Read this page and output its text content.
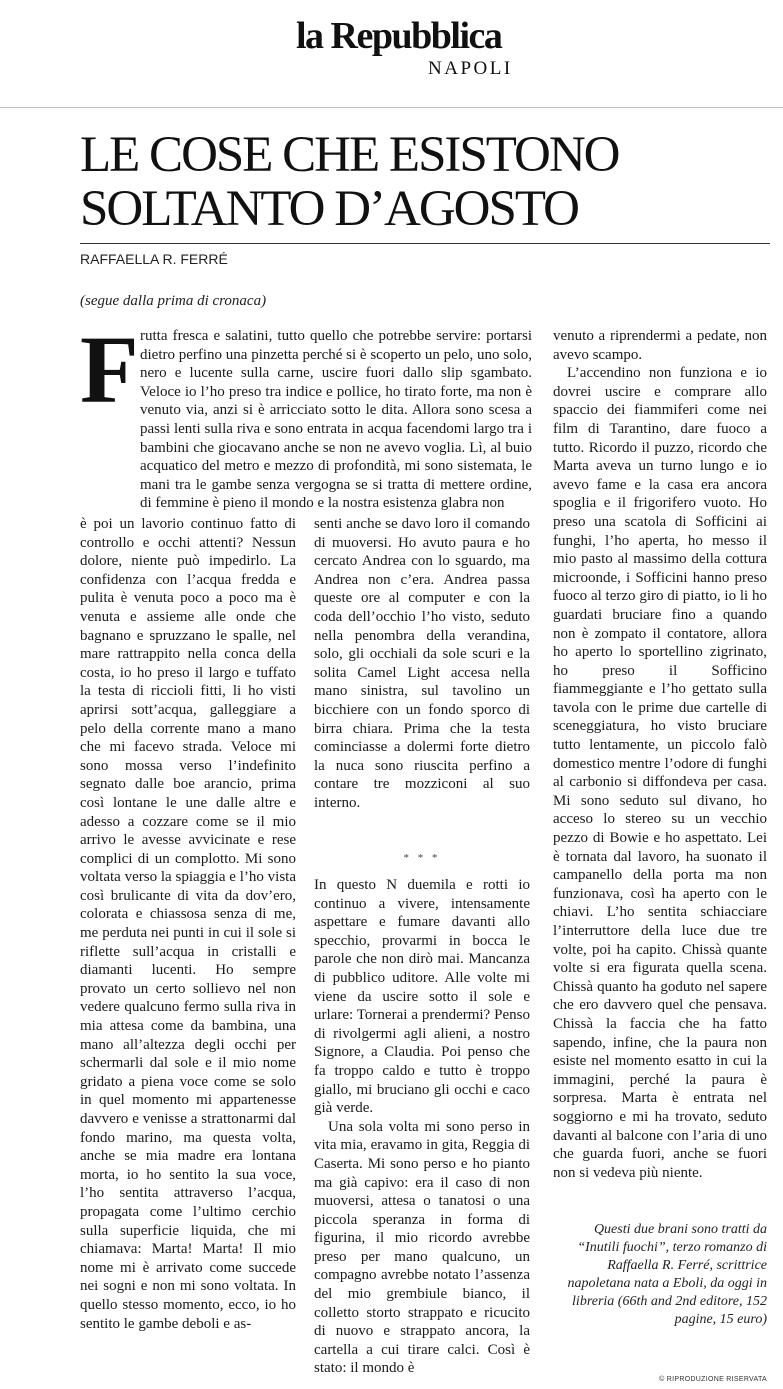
la Repubblica
NAPOLI
LE COSE CHE ESISTONO
SOLTANTO D’AGOSTO
RAFFAELLA R. FERRÉ
(segue dalla prima di cronaca)
F rutta fresca e salatini, tutto quello che potrebbe servire: portarsi dietro perfino una pinzetta perché si è scoperto un pelo, uno solo, nero e lucente sulla carne, uscire fuori dallo slip sgambato. Veloce io l’ho preso tra indice e pollice, ho tirato forte, ma non è venuto via, anzi si è arricciato sotto le dita. Allora sono scesa a passi lenti sulla riva e sono entrata in acqua facendomi largo tra i bambini che giocavano anche se non ne avevo voglia. Lì, al buio acquatico del metro e mezzo di profondità, mi sono sistemata, le mani tra le gambe senza vergogna se si tratta di mettere ordine, di femmine è pieno il mondo e la nostra esistenza glabra non

è poi un lavorio continuo fatto di controllo e occhi attenti? Nessun dolore, niente può impedirlo. La confidenza con l’acqua fredda e pulita è venuta poco a poco ma è venuta e assieme alle onde che bagnano e spruzzano le spalle, nel mare rattrappito nella conca della costa, io ho preso il largo e tuffato la testa di riccioli fitti, li ho visti aprirsi sott’acqua, galleggiare a pelo della corrente mano a mano che mi facevo strada. Veloce mi sono mossa verso l’indefinito segnato dalle boe arancio, prima così lontane le une dalle altre e adesso a cozzare come se il mio arrivo le avesse avvicinate e rese complici di un complotto. Mi sono voltata verso la spiaggia e l’ho vista così brulicante di vita da dov’ero, colorata e chiassosa senza di me, me perduta nei punti in cui il sole si riflette sull’acqua in cristalli e diamanti lucenti. Ho sempre provato un certo sollievo nel non vedere qualcuno fermo sulla riva in mia attesa come da bambina, una mano all’altezza degli occhi per schermarli dal sole e il mio nome gridato a piena voce come se solo in quel momento mi appartenesse davvero e venisse a strattonarmi dal fondo marino, ma questa volta, anche se mia madre era lontana morta, io ho sentito la sua voce, l’ho sentita attraverso l’acqua, propagata come l’ultimo cerchio sulla superficie liquida, che mi chiamava: Marta! Marta! Il mio nome mi è arrivato come succede nei sogni e non mi sono voltata. In quello stesso momento, ecco, io ho sentito le gambe deboli e as-

senti anche se davo loro il comando di muoversi. Ho avuto paura e ho cercato Andrea con lo sguardo, ma Andrea non c’era. Andrea passa queste ore al computer e con la coda dell’occhio l’ho visto, seduto nella penombra della verandina, solo, gli occhiali da sole scuri e la solita Camel Light accesa nella mano sinistra, sul tavolino un bicchiere con un fondo sporco di birra chiara. Prima che la testa cominciasse a dolermi forte dietro la nuca sono riuscita perfino a contare tre mozziconi al suo interno.

* * *

In questo N duemila e rotti io continuo a vivere, intensamente aspettare e fumare davanti allo specchio, provarmi in bocca le parole che non dirò mai. Mancanza di pubblico uditore. Alle volte mi viene da uscire sotto il sole e urlare: Tornerai a prendermi? Penso di rivolgermi agli alieni, a nostro Signore, a Claudia. Poi penso che fa troppo caldo e tutto è troppo giallo, mi bruciano gli occhi e caco già verde.

Una sola volta mi sono perso in vita mia, eravamo in gita, Reggia di Caserta. Mi sono perso e ho pianto ma già capivo: era il caso di non muoversi, attesa o tanatosi o una piccola speranza in forma di figurina, il mio ricordo avrebbe preso per mano qualcuno, un compagno avrebbe notato l’assenza del mio grembiule bianco, il colletto storto strappato e ricucito di nuovo e strappato ancora, la cartella a cui tirare calci. Così è stato: il mondo è

venuto a riprendermi a pedate, non avevo scampo.

L’accendino non funziona e io dovrei uscire e comprare allo spaccio dei fiammiferi come nei film di Tarantino, dare fuoco a tutto. Ricordo il puzzo, ricordo che Marta aveva un turno lungo e io avevo fame e la casa era ancora spoglia e il frigorifero vuoto. Ho preso una scatola di Sofficini ai funghi, l’ho aperta, ho messo il mio pasto al massimo della cottura microonde, i Sofficini hanno preso fuoco al terzo giro di piatto, io li ho guardati bruciare fino a quando non è zompato il contatore, allora ho aperto lo sportellino zigrinato, ho preso il Sofficino fiammeggiante e l’ho gettato sulla tavola con le prime due cartelle di sceneggiatura, ho visto bruciare tutto lentamente, un piccolo falò domestico mentre l’odore di funghi al carbonio si diffondeva per casa. Mi sono seduto sul divano, ho acceso lo stereo su un vecchio pezzo di Bowie e ho aspettato. Lei è tornata dal lavoro, ha suonato il campanello della porta ma non funzionava, così ha aperto con le chiavi. L’ho sentita schiacciare l’interruttore della luce due tre volte, poi ha capito. Chissà quante volte si era figurata quella scena. Chissà quanto ha goduto nel sapere che ero davvero quel che pensava. Chissà la faccia che ha fatto sapendo, infine, che la paura non esiste nel momento esatto in cui la immagini, perché la paura è sorpresa. Marta è entrata nel soggiorno e mi ha trovato, seduto davanti al balcone con l’aria di uno che guarda fuori, anche se fuori non si vedeva più niente.

Questi due brani sono tratti da “Inutili fuochi”, terzo romanzo di Raffaella R. Ferré, scrittrice napoletana nata a Eboli, da oggi in libreria (66th and 2nd editore, 152 pagine, 15 euro)
© RIPRODUZIONE RISERVATA
